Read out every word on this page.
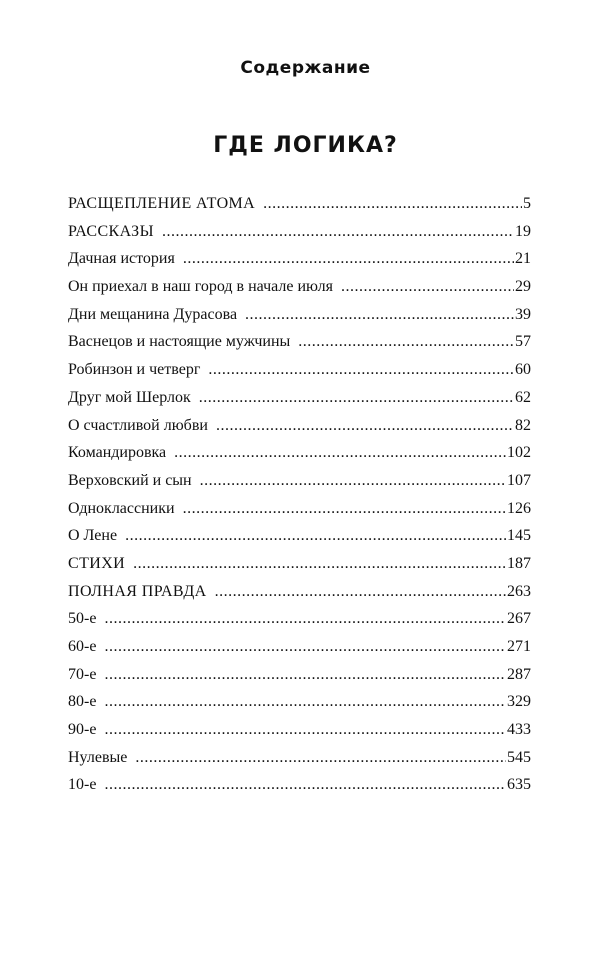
Содержание
ГДЕ ЛОГИКА?
РАСЩЕПЛЕНИЕ АТОМА .....	5
РАССКАЗЫ .....	19
Дачная история .....	21
Он приехал в наш город в начале июля .....	29
Дни мещанина Дурасова .....	39
Васнецов и настоящие мужчины .....	57
Робинзон и четверг .....	60
Друг мой Шерлок .....	62
О счастливой любви .....	82
Командировка .....	102
Верховский и сын .....	107
Одноклассники .....	126
О Лене .....	145
СТИХИ .....	187
ПОЛНАЯ ПРАВДА .....	263
50-е .....	267
60-е .....	271
70-е .....	287
80-е .....	329
90-е .....	433
Нулевые .....	545
10-е .....	635
